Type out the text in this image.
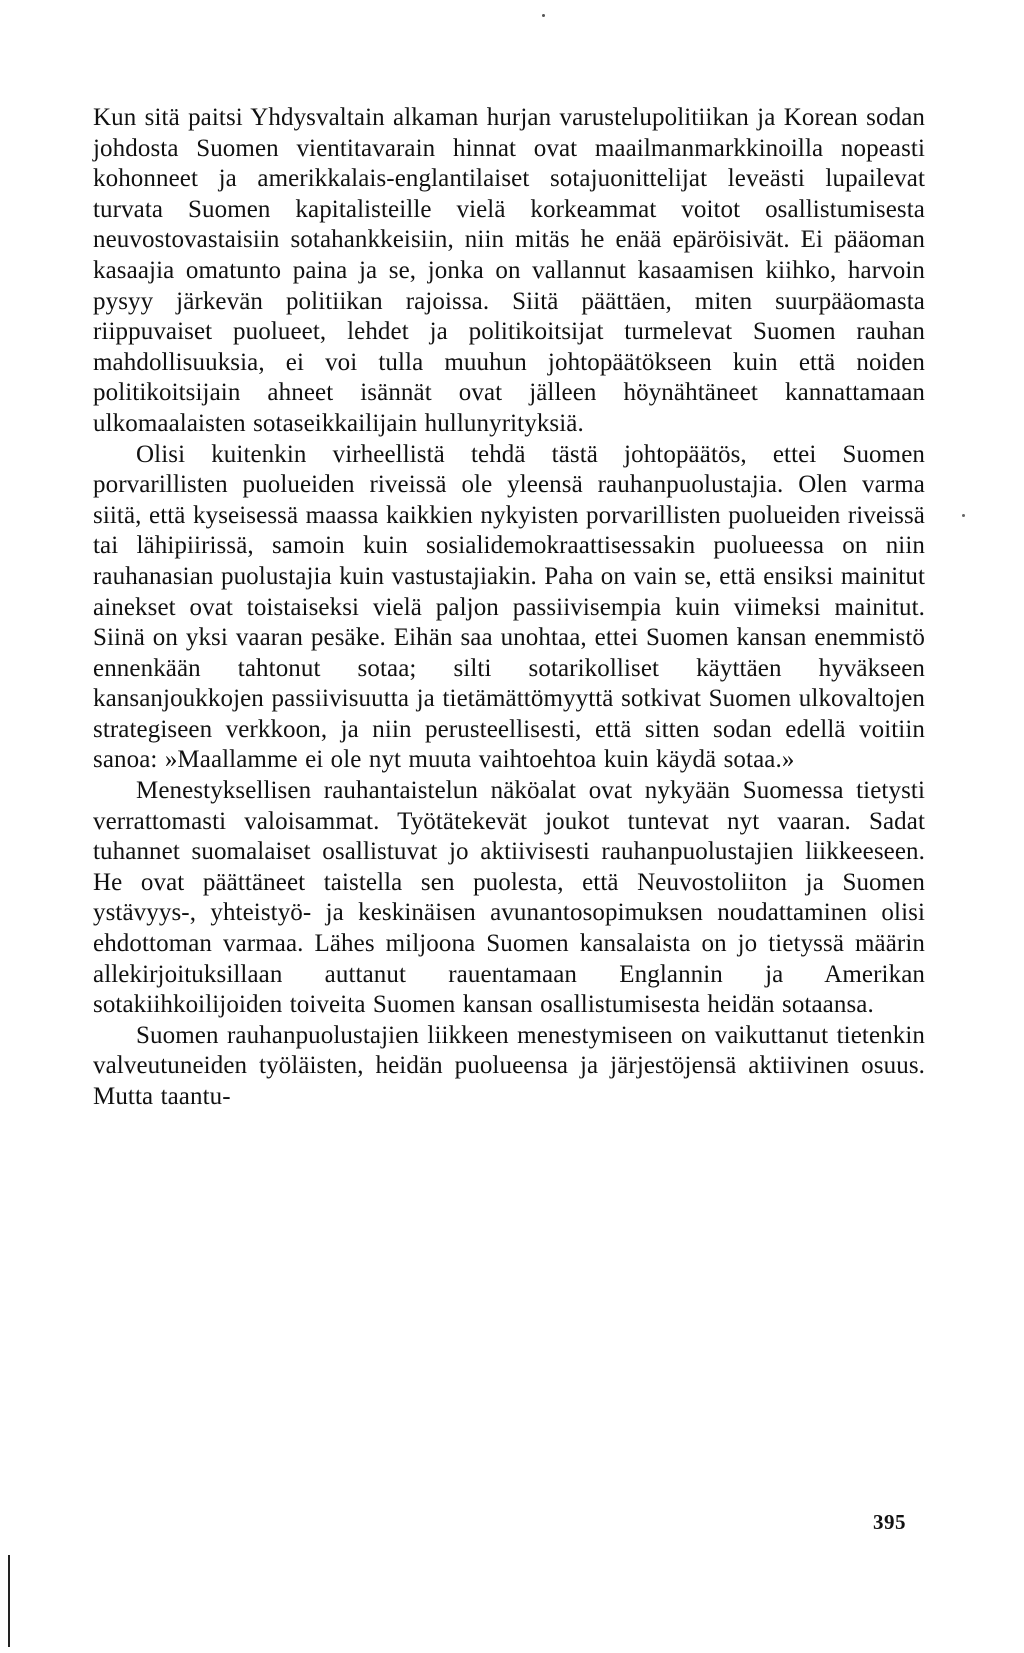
Kun sitä paitsi Yhdysvaltain alkaman hurjan varustelupolitiikan ja Korean sodan johdosta Suomen vientitavarain hinnat ovat maailmanmarkkinoilla nopeasti kohonneet ja amerikkalais-englantilaiset sotajuonittelijat leveästi lupailevat turvata Suomen kapitalisteille vielä korkeammat voitot osallistumisesta neuvostovastaisiin sotahankkeisiin, niin mitäs he enää epäröisivät. Ei pääoman kasaajia omatunto paina ja se, jonka on vallannut kasaamisen kiihko, harvoin pysyy järkevän politiikan rajoissa. Siitä päättäen, miten suurpääomasta riippuvaiset puolueet, lehdet ja politikoitsijat turmelevat Suomen rauhan mahdollisuuksia, ei voi tulla muuhun johtopäätökseen kuin että noiden politikoitsijain ahneet isännät ovat jälleen höynähtäneet kannattamaan ulkomaalaisten sotaseikkailijain hullunyrityksiä.

Olisi kuitenkin virheellistä tehdä tästä johtopäätös, ettei Suomen porvarillisten puolueiden riveissä ole yleensä rauhanpuolustajia. Olen varma siitä, että kyseisessä maassa kaikkien nykyisten porvarillisten puolueiden riveissä tai lähipiirissä, samoin kuin sosialidemokraattisessakin puolueessa on niin rauhanasian puolustajia kuin vastustajiakin. Paha on vain se, että ensiksi mainitut ainekset ovat toistaiseksi vielä paljon passiivisempia kuin viimeksi mainitut. Siinä on yksi vaaran pesäke. Eihän saa unohtaa, ettei Suomen kansan enemmistö ennenkään tahtonut sotaa; silti sotarikolliset käyttäen hyväkseen kansanjoukkojen passiivisuutta ja tietämättömyyttä sotkivat Suomen ulkovaltojen strategiseen verkkoon, ja niin perusteellisesti, että sitten sodan edellä voitiin sanoa: »Maallamme ei ole nyt muuta vaihtoehtoa kuin käydä sotaa.»

Menestyksellisen rauhantaistelun näköalat ovat nykyään Suomessa tietysti verrattomasti valoisammat. Työtätekevät joukot tuntevat nyt vaaran. Sadat tuhannet suomalaiset osallistuvat jo aktiivisesti rauhanpuolustajien liikkeeseen. He ovat päättäneet taistella sen puolesta, että Neuvostoliiton ja Suomen ystävyys-, yhteistyö- ja keskinäisen avunantosopimuksen noudattaminen olisi ehdottoman varmaa. Lähes miljoona Suomen kansalaista on jo tietyssä määrin allekirjoituksillaan auttanut rauentamaan Englannin ja Amerikan sotakiihkoilijoiden toiveita Suomen kansan osallistumisesta heidän sotaansa.

Suomen rauhanpuolustajien liikkeen menestymiseen on vaikuttanut tietenkin valveutuneiden työläisten, heidän puolueensa ja järjestöjensä aktiivinen osuus. Mutta taantu-

395
